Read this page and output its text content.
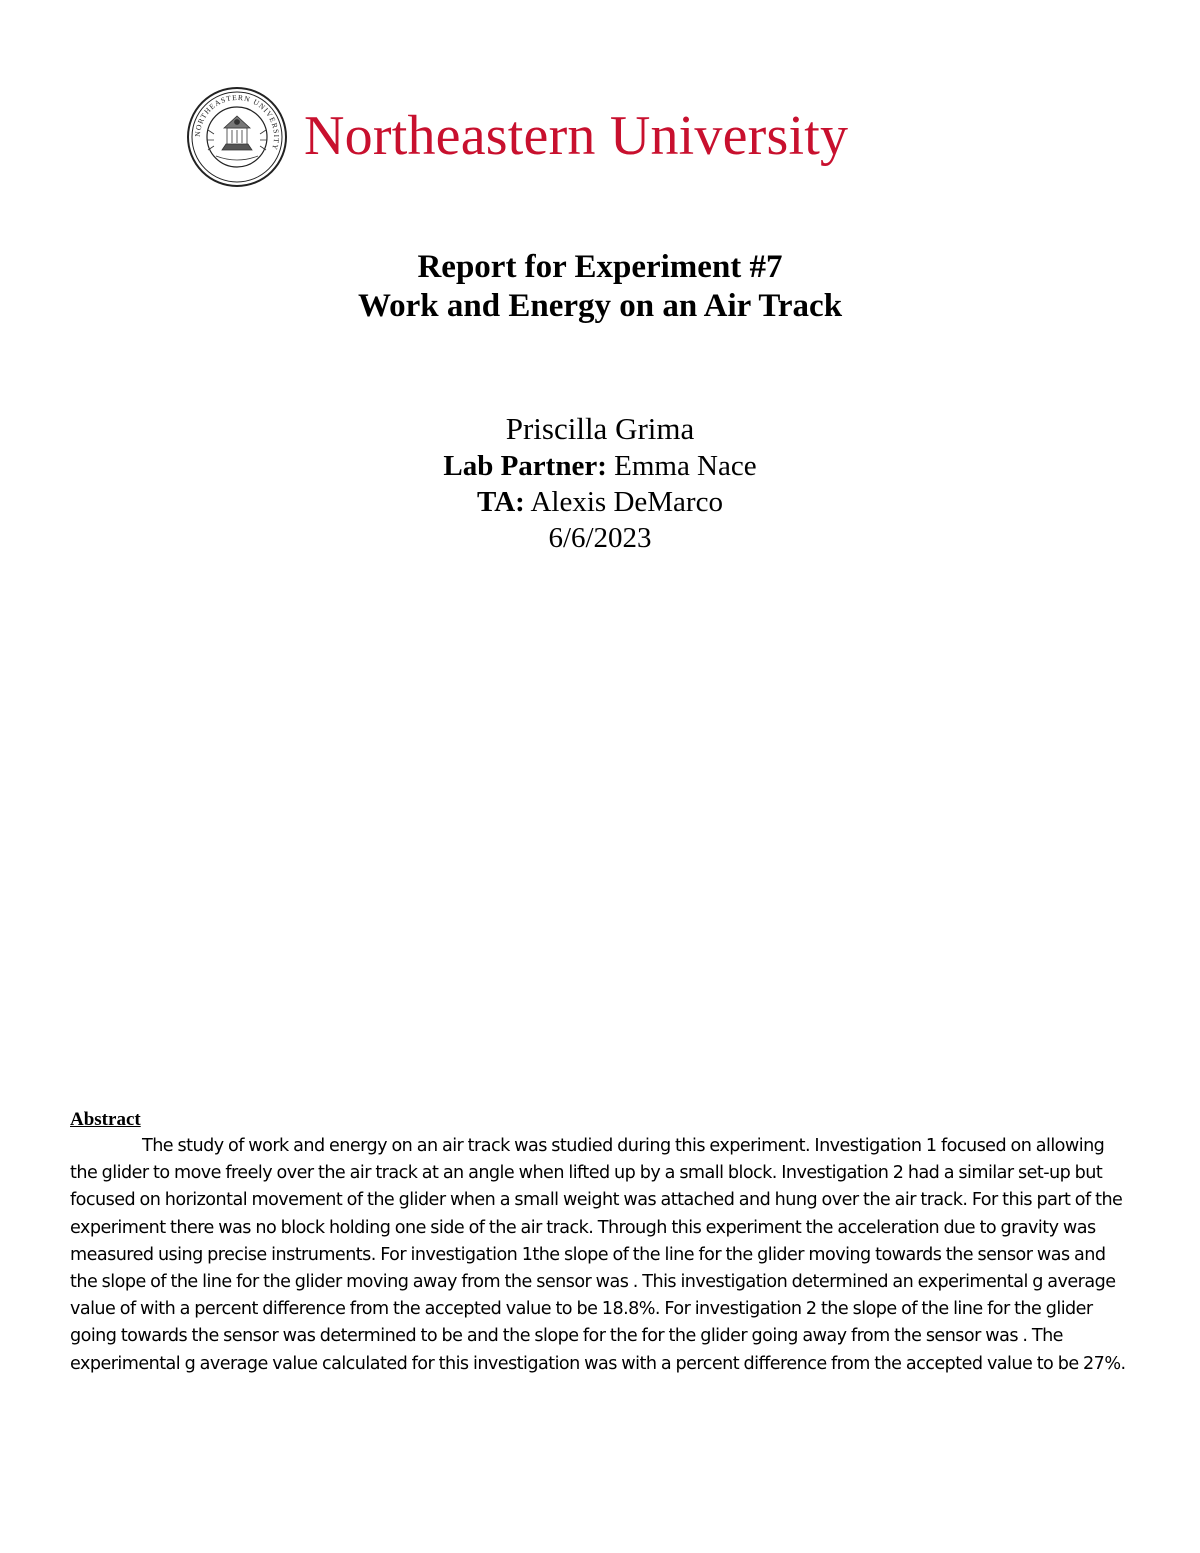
NORTHEASTERN UNIVERSITY Northeastern University
Report for Experiment #7
Work and Energy on an Air Track
Priscilla Grima
Lab Partner: Emma Nace
TA: Alexis DeMarco
6/6/2023
Abstract
The study of work and energy on an air track was studied during this experiment. Investigation 1 focused on allowing the glider to move freely over the air track at an angle when lifted up by a small block. Investigation 2 had a similar set-up but focused on horizontal movement of the glider when a small weight was attached and hung over the air track. For this part of the experiment there was no block holding one side of the air track. Through this experiment the acceleration due to gravity was measured using precise instruments. For investigation 1the slope of the line for the glider moving towards the sensor was and the slope of the line for the glider moving away from the sensor was . This investigation determined an experimental g average value of with a percent difference from the accepted value to be 18.8%. For investigation 2 the slope of the line for the glider going towards the sensor was determined to be and the slope for the for the glider going away from the sensor was . The experimental g average value calculated for this investigation was with a percent difference from the accepted value to be 27%.
